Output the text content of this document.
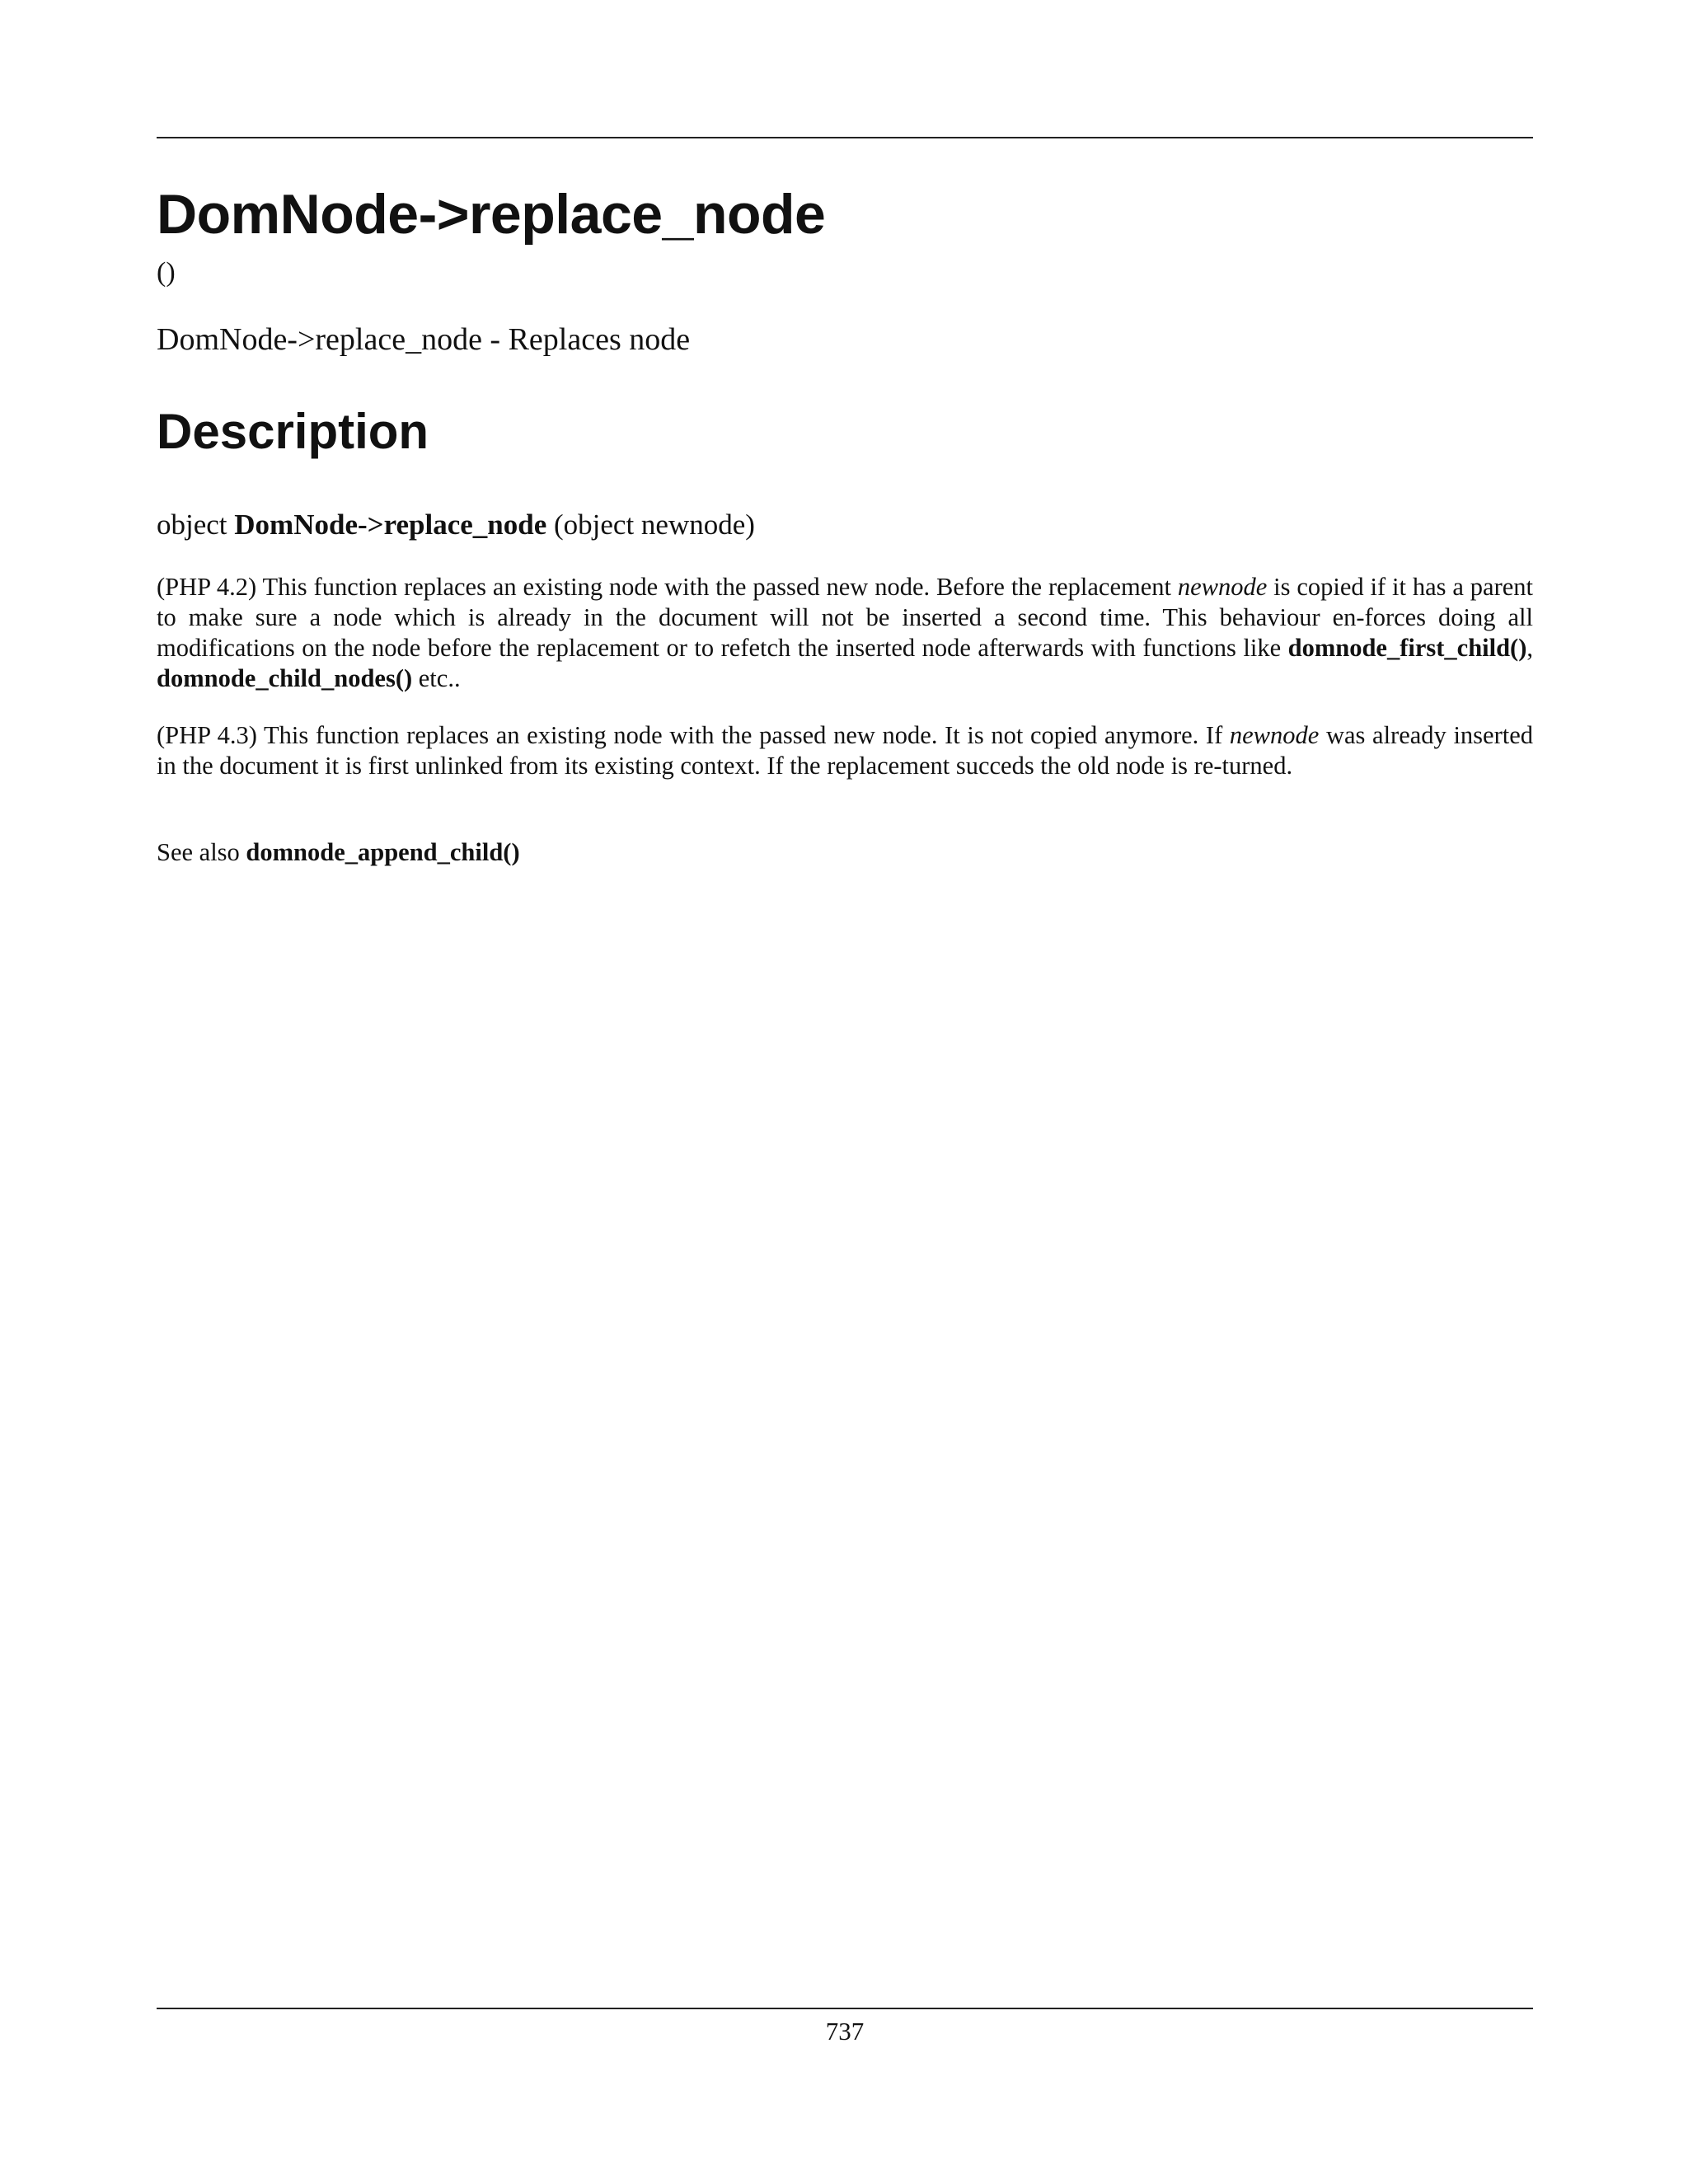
DomNode->replace_node
()
DomNode->replace_node - Replaces node
Description
object DomNode->replace_node (object newnode)

(PHP 4.2) This function replaces an existing node with the passed new node. Before the replacement newnode is copied if it has a parent to make sure a node which is already in the document will not be inserted a second time. This behaviour en-forces doing all modifications on the node before the replacement or to refetch the inserted node afterwards with functions like domnode_first_child(), domnode_child_nodes() etc..

(PHP 4.3) This function replaces an existing node with the passed new node. It is not copied anymore. If newnode was already inserted in the document it is first unlinked from its existing context. If the replacement succeds the old node is re-turned.

See also domnode_append_child()

737
